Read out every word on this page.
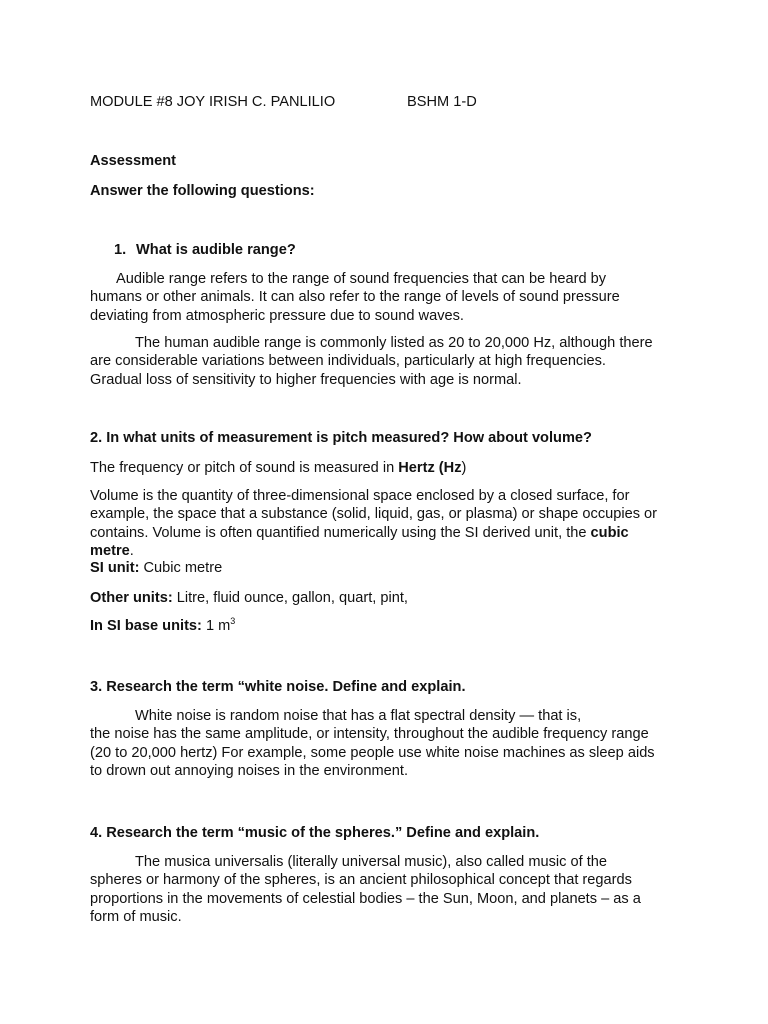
MODULE #8 JOY IRISH C. PANLILIO	BSHM 1-D
Assessment
Answer the following questions:
1. What is audible range?
Audible range refers to the range of sound frequencies that can be heard by
humans or other animals. It can also refer to the range of levels of sound pressure
deviating from atmospheric pressure due to sound waves.
The human audible range is commonly listed as 20 to 20,000 Hz, although there
are considerable variations between individuals, particularly at high frequencies.
Gradual loss of sensitivity to higher frequencies with age is normal.
2. In what units of measurement is pitch measured? How about volume?
The frequency or pitch of sound is measured in Hertz (Hz)
Volume is the quantity of three-dimensional space enclosed by a closed surface, for
example, the space that a substance (solid, liquid, gas, or plasma) or shape occupies or
contains. Volume is often quantified numerically using the SI derived unit, the cubic
metre.
SI unit: Cubic metre
Other units: Litre, fluid ounce, gallon, quart, pint,
In SI base units: 1 $m^3$
3. Research the term “white noise. Define and explain.
White noise is random noise that has a flat spectral density — that is,
the noise has the same amplitude, or intensity, throughout the audible frequency range
(20 to 20,000 hertz) For example, some people use white noise machines as sleep aids
to drown out annoying noises in the environment.
4. Research the term “music of the spheres.” Define and explain.
The musica universalis (literally universal music), also called music of the
spheres or harmony of the spheres, is an ancient philosophical concept that regards
proportions in the movements of celestial bodies – the Sun, Moon, and planets – as a
form of music.
